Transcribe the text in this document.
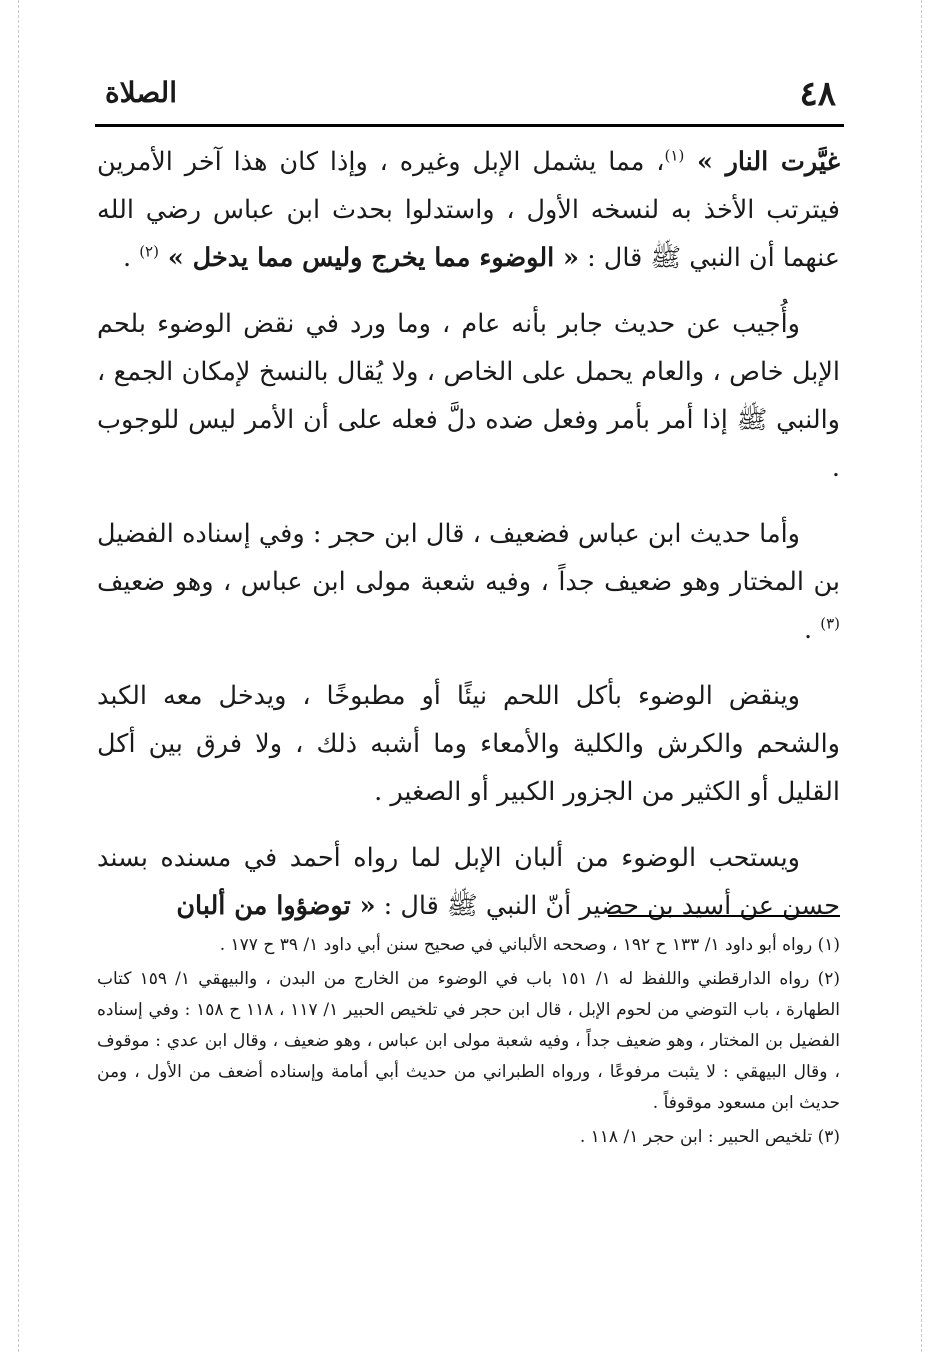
٤٨
الصلاة

غيَّرت النار » $^{(١)}$، مما يشمل الإبل وغيره ، وإذا كان هذا آخر الأمرين فيترتب الأخذ به لنسخه الأول ، واستدلوا بحدث ابن عباس رضي الله عنهما أن النبي ﷺ قال : « الوضوء مما يخرج وليس مما يدخل » $^{(٢)}$ .

وأُجيب عن حديث جابر بأنه عام ، وما ورد في نقض الوضوء بلحم الإبل خاص ، والعام يحمل على الخاص ، ولا يُقال بالنسخ لإمكان الجمع ، والنبي ﷺ إذا أمر بأمر وفعل ضده دلَّ فعله على أن الأمر ليس للوجوب .

وأما حديث ابن عباس فضعيف ، قال ابن حجر : وفي إسناده الفضيل بن المختار وهو ضعيف جداً ، وفيه شعبة مولى ابن عباس ، وهو ضعيف $^{(٣)}$ .

وينقض الوضوء بأكل اللحم نيئًا أو مطبوخًا ، ويدخل معه الكبد والشحم والكرش والكلية والأمعاء وما أشبه ذلك ، ولا فرق بين أكل القليل أو الكثير من الجزور الكبير أو الصغير .

ويستحب الوضوء من ألبان الإبل لما رواه أحمد في مسنده بسند حسن عن أسيد بن حضير أنّ النبي ﷺ قال : « توضؤوا من ألبان

(١) رواه أبو داود ١/ ١٣٣ ح ١٩٢ ، وصححه الألباني في صحيح سنن أبي داود ١/ ٣٩ ح ١٧٧ .
(٢) رواه الدارقطني واللفظ له ١/ ١٥١ باب في الوضوء من الخارج من البدن ، والبيهقي ١/ ١٥٩ كتاب الطهارة ، باب التوضي من لحوم الإبل ، قال ابن حجر في تلخيص الحبير ١/ ١١٧ ، ١١٨ ح ١٥٨ : وفي إسناده الفضيل بن المختار ، وهو ضعيف جداً ، وفيه شعبة مولى ابن عباس ، وهو ضعيف ، وقال ابن عدي : موقوف ، وقال البيهقي : لا يثبت مرفوعًا ، ورواه الطبراني من حديث أبي أمامة وإسناده أضعف من الأول ، ومن حديث ابن مسعود موقوفاً .
(٣) تلخيص الحبير : ابن حجر ١/ ١١٨ .
